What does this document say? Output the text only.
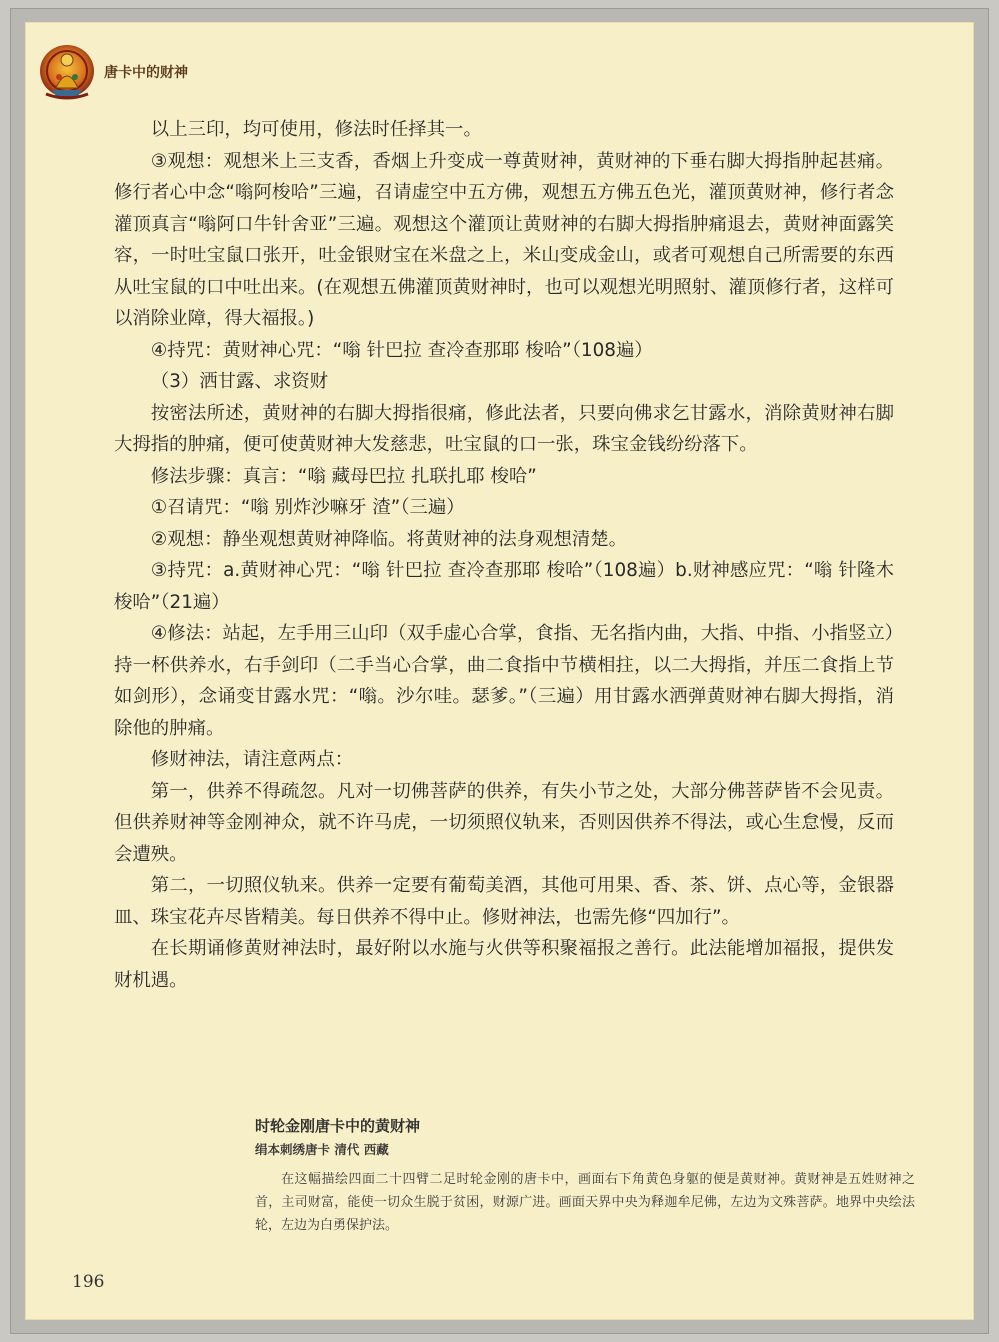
唐卡中的财神

以上三印，均可使用，修法时任择其一。

③观想：观想米上三支香，香烟上升变成一尊黄财神，黄财神的下垂右脚大拇指肿起甚痛。修行者心中念“嗡阿梭哈”三遍，召请虚空中五方佛，观想五方佛五色光，灌顶黄财神，修行者念灌顶真言“嗡阿口牛针舍亚”三遍。观想这个灌顶让黄财神的右脚大拇指肿痛退去，黄财神面露笑容，一时吐宝鼠口张开，吐金银财宝在米盘之上，米山变成金山，或者可观想自己所需要的东西从吐宝鼠的口中吐出来。(在观想五佛灌顶黄财神时，也可以观想光明照射、灌顶修行者，这样可以消除业障，得大福报。)

④持咒：黄财神心咒：“嗡 针巴拉 查冷查那耶 梭哈”（108遍）

（3）洒甘露、求资财

按密法所述，黄财神的右脚大拇指很痛，修此法者，只要向佛求乞甘露水，消除黄财神右脚大拇指的肿痛，便可使黄财神大发慈悲，吐宝鼠的口一张，珠宝金钱纷纷落下。

修法步骤：真言：“嗡 藏母巴拉 扎联扎耶 梭哈”

①召请咒：“嗡 别炸沙嘛牙 渣”（三遍）

②观想：静坐观想黄财神降临。将黄财神的法身观想清楚。

③持咒：a.黄财神心咒：“嗡 针巴拉 查冷查那耶 梭哈”（108遍）b.财神感应咒：“嗡 针隆木 梭哈”（21遍）

④修法：站起，左手用三山印（双手虚心合掌，食指、无名指内曲，大指、中指、小指竖立）持一杯供养水，右手剑印（二手当心合掌，曲二食指中节横相拄，以二大拇指，并压二食指上节如剑形），念诵变甘露水咒：“嗡。沙尔哇。瑟爹。”（三遍）用甘露水洒弹黄财神右脚大拇指，消除他的肿痛。

修财神法，请注意两点：

第一，供养不得疏忽。凡对一切佛菩萨的供养，有失小节之处，大部分佛菩萨皆不会见责。但供养财神等金刚神众，就不许马虎，一切须照仪轨来，否则因供养不得法，或心生怠慢，反而会遭殃。

第二，一切照仪轨来。供养一定要有葡萄美酒，其他可用果、香、茶、饼、点心等，金银器皿、珠宝花卉尽皆精美。每日供养不得中止。修财神法，也需先修“四加行”。

在长期诵修黄财神法时，最好附以水施与火供等积聚福报之善行。此法能增加福报，提供发财机遇。

时轮金刚唐卡中的黄财神

绢本刺绣唐卡 清代 西藏

在这幅描绘四面二十四臂二足时轮金刚的唐卡中，画面右下角黄色身躯的便是黄财神。黄财神是五姓财神之首，主司财富，能使一切众生脱于贫困，财源广进。画面天界中央为释迦牟尼佛，左边为文殊菩萨。地界中央绘法轮，左边为白勇保护法。

196
